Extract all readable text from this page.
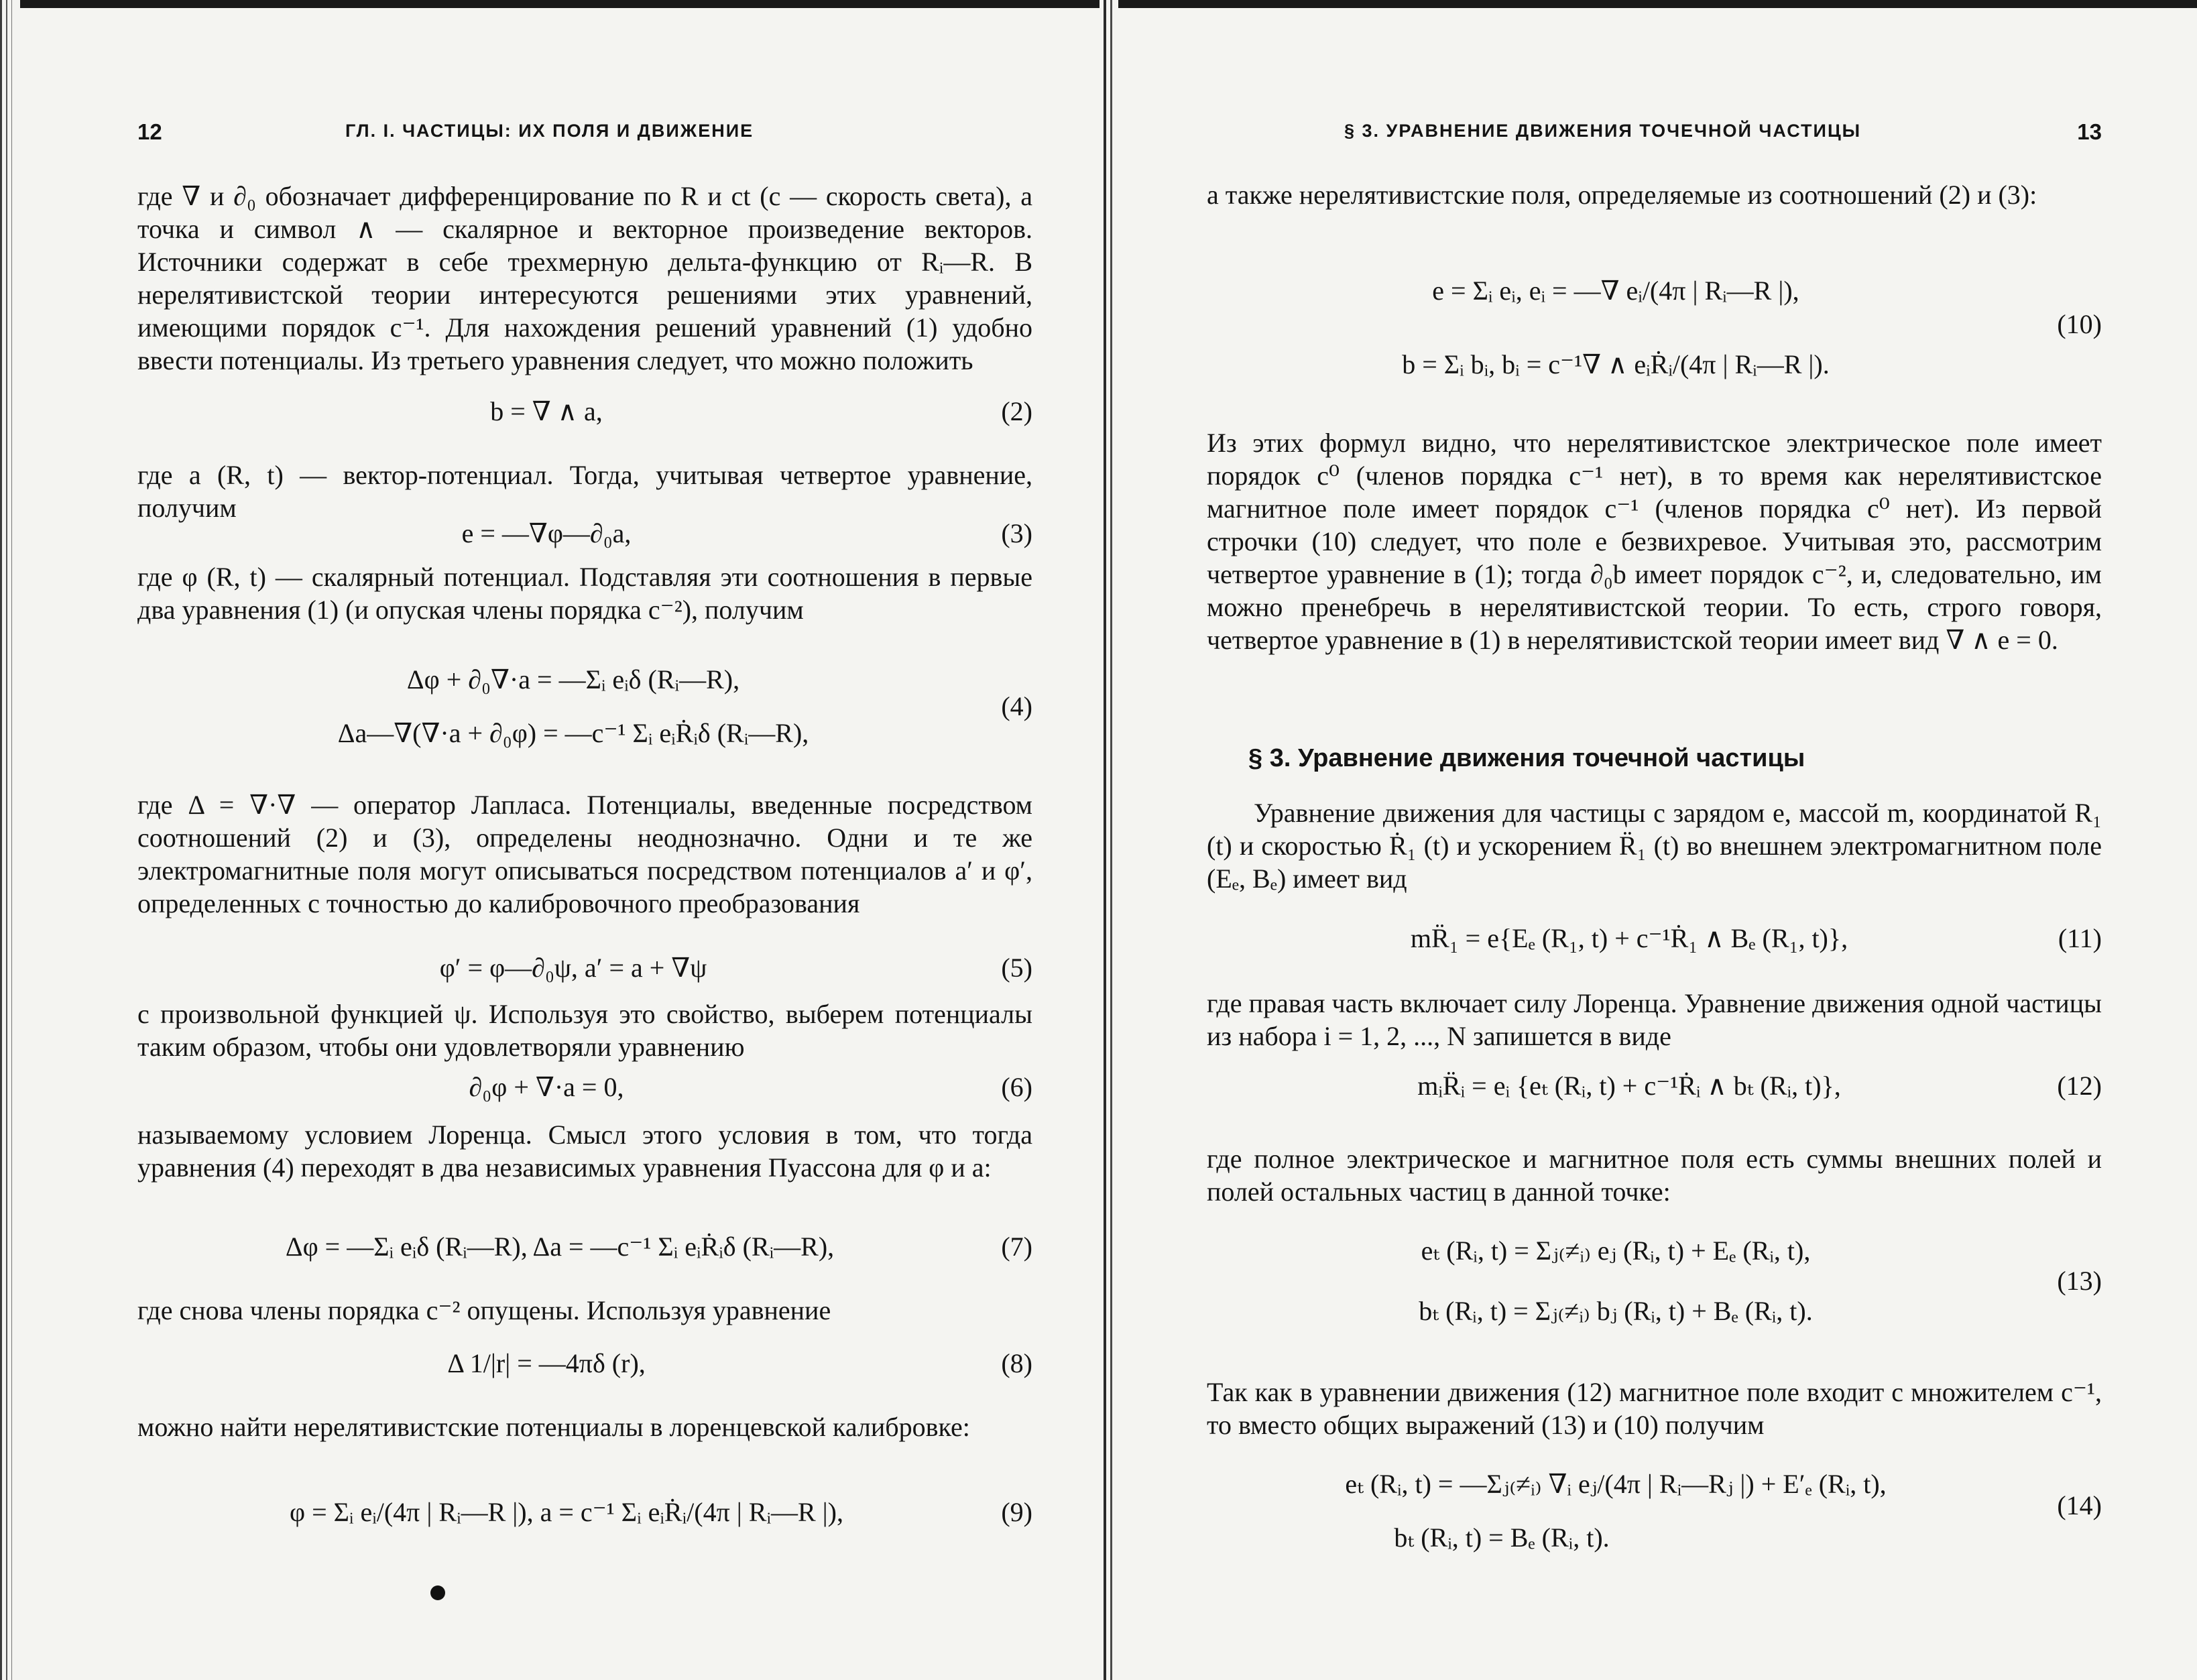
12	ГЛ. I. ЧАСТИЦЫ: ИХ ПОЛЯ И ДВИЖЕНИЕ

где ∇ и ∂₀ обозначает дифференцирование по R и ct (c — скорость света), а точка и символ ∧ — скалярное и векторное произведение векторов. Источники содержат в себе трехмерную дельта-функцию от Rᵢ—R. В нерелятивистской теории интересуются решениями этих уравнений, имеющими порядок c⁻¹. Для нахождения решений уравнений (1) удобно ввести потенциалы. Из третьего уравнения следует, что можно положить

b = ∇ ∧ a,	(2)

где a (R, t) — вектор-потенциал. Тогда, учитывая четвертое уравнение, получим

e = —∇φ—∂₀a,	(3)

где φ (R, t) — скалярный потенциал. Подставляя эти соотношения в первые два уравнения (1) (и опуская члены порядка c⁻²), получим

Δφ + ∂₀∇·a = —Σᵢ eᵢδ (Rᵢ—R),
Δa—∇(∇·a + ∂₀φ) = —c⁻¹ Σᵢ eᵢṘᵢδ (Rᵢ—R),
(4)

где Δ = ∇·∇ — оператор Лапласа. Потенциалы, введенные посредством соотношений (2) и (3), определены неоднозначно. Одни и те же электромагнитные поля могут описываться посредством потенциалов a′ и φ′, определенных с точностью до калибровочного преобразования

φ′ = φ—∂₀ψ, a′ = a + ∇ψ	(5)

с произвольной функцией ψ. Используя это свойство, выберем потенциалы таким образом, чтобы они удовлетворяли уравнению

∂₀φ + ∇·a = 0,	(6)

называемому условием Лоренца. Смысл этого условия в том, что тогда уравнения (4) переходят в два независимых уравнения Пуассона для φ и a:

Δφ = —Σᵢ eᵢδ (Rᵢ—R), Δa = —c⁻¹ Σᵢ eᵢṘᵢδ (Rᵢ—R),	(7)

где снова члены порядка c⁻² опущены. Используя уравнение

Δ 1/|r| = —4πδ (r),	(8)

можно найти нерелятивистские потенциалы в лоренцевской калибровке:

φ = Σᵢ eᵢ/(4π | Rᵢ—R |), a = c⁻¹ Σᵢ eᵢṘᵢ/(4π | Rᵢ—R |),	(9)
§ 3. УРАВНЕНИЕ ДВИЖЕНИЯ ТОЧЕЧНОЙ ЧАСТИЦЫ	13

а также нерелятивистские поля, определяемые из соотношений (2) и (3):

e = Σᵢ eᵢ, eᵢ = —∇ eᵢ/(4π | Rᵢ—R |),
b = Σᵢ bᵢ, bᵢ = c⁻¹∇ ∧ eᵢṘᵢ/(4π | Rᵢ—R |).
(10)

Из этих формул видно, что нерелятивистское электрическое поле имеет порядок c⁰ (членов порядка c⁻¹ нет), в то время как нерелятивистское магнитное поле имеет порядок c⁻¹ (членов порядка c⁰ нет). Из первой строчки (10) следует, что поле e безвихревое. Учитывая это, рассмотрим четвертое уравнение в (1); тогда ∂₀b имеет порядок c⁻², и, следовательно, им можно пренебречь в нерелятивистской теории. То есть, строго говоря, четвертое уравнение в (1) в нерелятивистской теории имеет вид ∇ ∧ e = 0.

§ 3. Уравнение движения точечной частицы

Уравнение движения для частицы с зарядом e, массой m, координатой R₁ (t) и скоростью Ṙ₁ (t) и ускорением R̈₁ (t) во внешнем электромагнитном поле (Eₑ, Bₑ) имеет вид

mR̈₁ = e{Eₑ (R₁, t) + c⁻¹Ṙ₁ ∧ Bₑ (R₁, t)},	(11)

где правая часть включает силу Лоренца. Уравнение движения одной частицы из набора i = 1, 2, ..., N запишется в виде

mᵢR̈ᵢ = eᵢ {eₜ (Rᵢ, t) + c⁻¹Ṙᵢ ∧ bₜ (Rᵢ, t)},	(12)

где полное электрическое и магнитное поля есть суммы внешних полей и полей остальных частиц в данной точке:

eₜ (Rᵢ, t) = Σⱼ₍≠ᵢ₎ eⱼ (Rᵢ, t) + Eₑ (Rᵢ, t),
bₜ (Rᵢ, t) = Σⱼ₍≠ᵢ₎ bⱼ (Rᵢ, t) + Bₑ (Rᵢ, t).
(13)

Так как в уравнении движения (12) магнитное поле входит с множителем c⁻¹, то вместо общих выражений (13) и (10) получим

eₜ (Rᵢ, t) = —Σⱼ₍≠ᵢ₎ ∇ᵢ eⱼ/(4π | Rᵢ—Rⱼ |) + E′ₑ (Rᵢ, t),
bₜ (Rᵢ, t) = Bₑ (Rᵢ, t).
(14)
